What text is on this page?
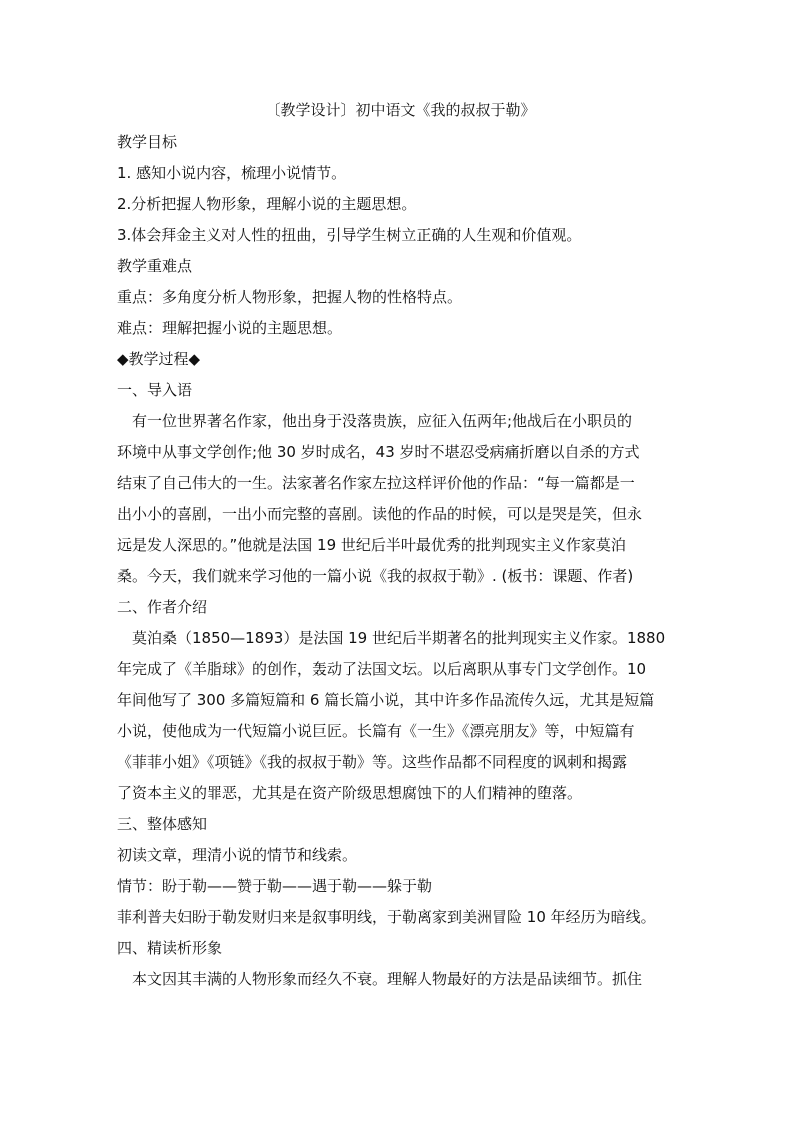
〔教学设计〕初中语文《我的叔叔于勒》

教学目标

1. 感知小说内容，梳理小说情节。

2.分析把握人物形象，理解小说的主题思想。

3.体会拜金主义对人性的扭曲，引导学生树立正确的人生观和价值观。

教学重难点

重点：多角度分析人物形象，把握人物的性格特点。

难点：理解把握小说的主题思想。

◆教学过程◆

一、导入语

有一位世界著名作家，他出身于没落贵族，应征入伍两年;他战后在小职员的

环境中从事文学创作;他 30 岁时成名，43 岁时不堪忍受病痛折磨以自杀的方式

结束了自己伟大的一生。法家著名作家左拉这样评价他的作品：“每一篇都是一

出小小的喜剧，一出小而完整的喜剧。读他的作品的时候，可以是哭是笑，但永

远是发人深思的。”他就是法国 19 世纪后半叶最优秀的批判现实主义作家莫泊

桑。今天，我们就来学习他的一篇小说《我的叔叔于勒》. (板书：课题、作者)

二、作者介绍

莫泊桑（1850—1893）是法国 19 世纪后半期著名的批判现实主义作家。1880

年完成了《羊脂球》的创作，轰动了法国文坛。以后离职从事专门文学创作。10

年间他写了 300 多篇短篇和 6 篇长篇小说，其中许多作品流传久远，尤其是短篇

小说，使他成为一代短篇小说巨匠。长篇有《一生》《漂亮朋友》等，中短篇有

《菲菲小姐》《项链》《我的叔叔于勒》等。这些作品都不同程度的讽刺和揭露

了资本主义的罪恶，尤其是在资产阶级思想腐蚀下的人们精神的堕落。

三、整体感知

初读文章，理清小说的情节和线索。

情节：盼于勒——赞于勒——遇于勒——躲于勒

菲利普夫妇盼于勒发财归来是叙事明线，于勒离家到美洲冒险 10 年经历为暗线。

四、精读析形象

本文因其丰满的人物形象而经久不衰。理解人物最好的方法是品读细节。抓住
